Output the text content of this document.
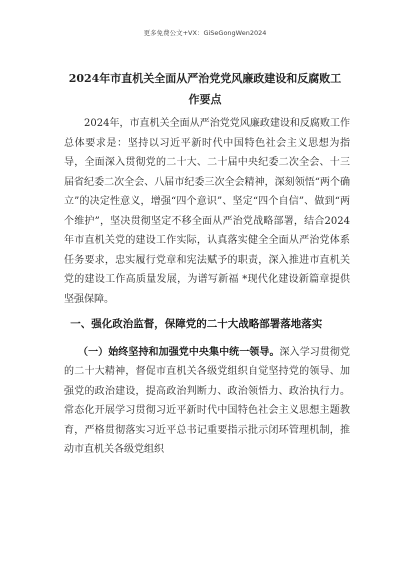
更多免费公文+VX：GiSeGongWen2024
2024年市直机关全面从严治党党风廉政建设和反腐败工作要点

2024年，市直机关全面从严治党党风廉政建设和反腐败工作总体要求是：坚持以习近平新时代中国特色社会主义思想为指导，全面深入贯彻党的二十大、二十届中央纪委二次全会、十三届省纪委二次全会、八届市纪委三次全会精神，深刻领悟“两个确立”的决定性意义，增强“四个意识”、坚定“四个自信”、做到“两个维护”，坚决贯彻坚定不移全面从严治党战略部署，结合2024年市直机关党的建设工作实际，认真落实健全全面从严治党体系任务要求，忠实履行党章和宪法赋予的职责，深入推进市直机关党的建设工作高质量发展，为谱写新福 *现代化建设新篇章提供坚强保障。

一、强化政治监督，保障党的二十大战略部署落地落实

（一）始终坚持和加强党中央集中统一领导。深入学习贯彻党的二十大精神，督促市直机关各级党组织自觉坚持党的领导、加强党的政治建设，提高政治判断力、政治领悟力、政治执行力。常态化开展学习贯彻习近平新时代中国特色社会主义思想主题教育，严格贯彻落实习近平总书记重要指示批示闭环管理机制，推动市直机关各级党组织
